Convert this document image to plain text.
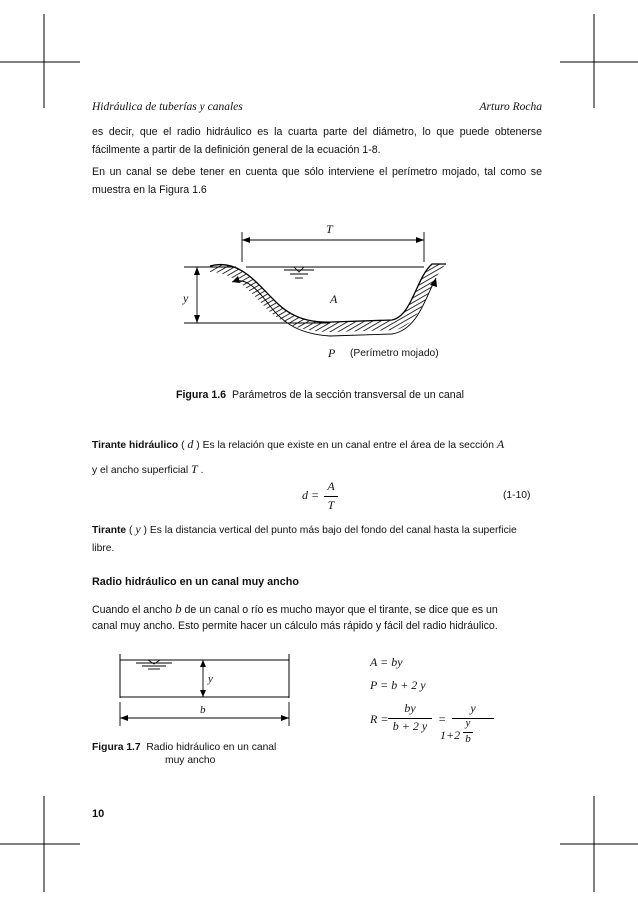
Hidráulica de tuberías y canales	Arturo Rocha
es decir, que el radio hidráulico es la cuarta parte del diámetro, lo que puede obtenerse fácilmente a partir de la definición general de la ecuación 1-8.
En un canal se debe tener en cuenta que sólo interviene el perímetro mojado, tal como se muestra en la Figura 1.6
T
y	A
P (Perímetro mojado)
Figura 1.6 Parámetros de la sección transversal de un canal
Tirante hidráulico ( d ) Es la relación que existe en un canal entre el área de la sección A
y el ancho superficial T .
d =
A
T
(1-10)
Tirante ( y ) Es la distancia vertical del punto más bajo del fondo del canal hasta la superficie
libre.
Radio hidráulico en un canal muy ancho
Cuando el ancho b de un canal o río es mucho mayor que el tirante, se dice que es un
canal muy ancho. Esto permite hacer un cálculo más rápido y fácil del radio hidráulico.
y
b
Figura 1.7 Radio hidráulico en un canal
muy ancho
A = by
P = b + 2 y
R =
by
b + 2 y =
y
1+2
y
b
10
